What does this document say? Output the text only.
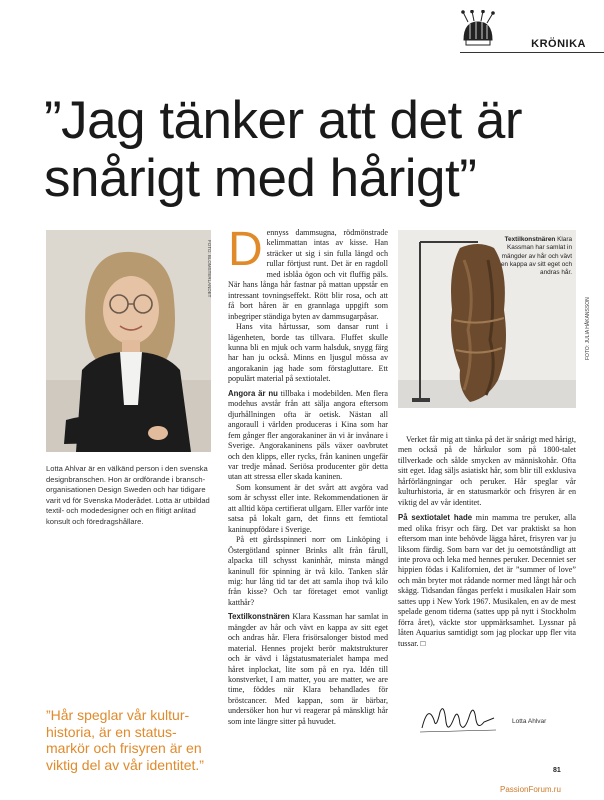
KRÖNIKA
”Jag tänker att det är
snårigt med hårigt”
FOTO: BLOMSTERLANDET
Lotta Ahlvar är en välkänd person i den svenska designbranschen. Hon är ordförande i bransch-organisationen Design Sweden och har tidigare varit vd för Svenska Moderådet. Lotta är utbildad textil- och modedesigner och en flitigt anlitad konsult och föredragshållare.
”Hår speglar vår kultur-historia, är en status-markör och frisyren är en viktig del av vår identitet.”

Dennyss dammsugna, rödmönstrade kelimmattan intas av kisse. Han sträcker ut sig i sin fulla längd och rullar förtjust runt. Det är en ragdoll med isblåa ögon och vit fluffig päls. När hans långa hår fastnar på mattan uppstår en intressant tovningseffekt. Rött blir rosa, och att få bort håren är en grannlaga uppgift som inbegriper ständiga byten av dammsugarpåsar.

Hans vita hårtussar, som dansar runt i lägenheten, borde tas tillvara. Fluffet skulle kunna bli en mjuk och varm halsduk, snygg färg har han ju också. Minns en ljusgul mössa av angorakanin jag hade som förstagluttare. Ett populärt material på sextiotalet.

Angora är nu tillbaka i modebilden. Men flera modehus avstår från att sälja angora eftersom djurhållningen ofta är oetisk. Nästan all angoraull i världen produceras i Kina som har fem gånger fler angorakaniner än vi är invånare i Sverige. Angorakaninens päls växer oavbrutet och den klipps, eller rycks, från kaninen ungefär var tredje månad. Seriösa producenter gör detta utan att stressa eller skada kaninen.

Som konsument är det svårt att avgöra vad som är schysst eller inte. Rekommendationen är att alltid köpa certifierat ullgarn. Eller varför inte satsa på lokalt garn, det finns ett femtiotal kaninuppfödare i Sverige.

På ett gårdsspinneri norr om Linköping i Östergötland spinner Brinks allt från fårull, alpacka till schysst kaninhår, minsta mängd kaninull för spinning är två kilo. Tanken slår mig: hur lång tid tar det att samla ihop två kilo från kisse? Och tar företaget emot vanligt katthår?

Textilkonstnären Klara Kassman har samlat in mängder av hår och vävt en kappa av sitt eget och andras hår. Flera frisörsalonger bistod med material. Hennes projekt berör maktstrukturer och är vävd i lågstatusmaterialet hampa med håret inplockat, lite som på en rya. Idén till konstverket, I am matter, you are matter, we are time, föddes när Klara behandlades för bröstcancer. Med kappan, som är bärbar, undersöker hon hur vi reagerar på mänskligt hår som inte längre sitter på huvudet.

Textilkonstnären Klara Kassman har samlat in mängder av hår och vävt en kappa av sitt eget och andras hår.
FOTO: JULIA HÅKANSSON

Verket får mig att tänka på det är snårigt med hårigt, men också på de hårkulor som på 1800-talet tillverkade och sålde smycken av människohår. Ofta sitt eget. Idag säljs asiatiskt hår, som blir till exklusiva hårförlängningar och peruker. Hår speglar vår kulturhistoria, är en statusmarkör och frisyren är en viktig del av vår identitet.

På sextiotalet hade min mamma tre peruker, alla med olika frisyr och färg. Det var praktiskt sa hon eftersom man inte behövde lägga håret, frisyren var ju liksom färdig. Som barn var det ju oemotståndligt att inte prova och leka med hennes peruker. Decenniet ser hippien födas i Kalifornien, det är ”summer of love” och män bryter mot rådande normer med långt hår och skägg. Tidsandan fångas perfekt i musikalen Hair som sattes upp i New York 1967. Musikalen, en av de mest spelade genom tiderna (sattes upp på nytt i Stockholm förra året), väckte stor uppmärksamhet. Lyssnar på låten Aquarius samtidigt som jag plockar upp fler vita tussar. □

Lotta Ahlvar
81
PassionForum.ru
